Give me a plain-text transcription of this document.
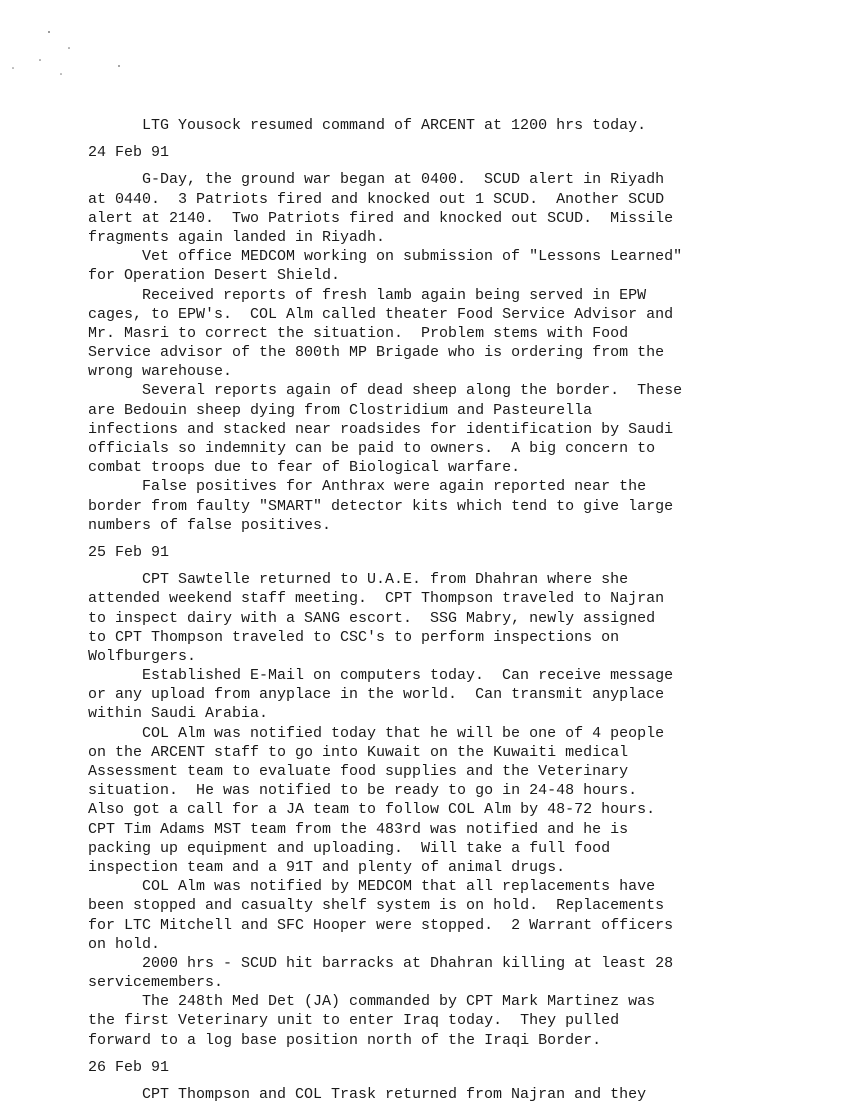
LTG Yousock resumed command of ARCENT at 1200 hrs today.
24 Feb 91
G-Day, the ground war began at 0400.  SCUD alert in Riyadh
at 0440.  3 Patriots fired and knocked out 1 SCUD.  Another SCUD
alert at 2140.  Two Patriots fired and knocked out SCUD.  Missile
fragments again landed in Riyadh.
Vet office MEDCOM working on submission of "Lessons Learned"
for Operation Desert Shield.
Received reports of fresh lamb again being served in EPW
cages, to EPW's.  COL Alm called theater Food Service Advisor and
Mr. Masri to correct the situation.  Problem stems with Food
Service advisor of the 800th MP Brigade who is ordering from the
wrong warehouse.
Several reports again of dead sheep along the border.  These
are Bedouin sheep dying from Clostridium and Pasteurella
infections and stacked near roadsides for identification by Saudi
officials so indemnity can be paid to owners.  A big concern to
combat troops due to fear of Biological warfare.
False positives for Anthrax were again reported near the
border from faulty "SMART" detector kits which tend to give large
numbers of false positives.
25 Feb 91
CPT Sawtelle returned to U.A.E. from Dhahran where she
attended weekend staff meeting.  CPT Thompson traveled to Najran
to inspect dairy with a SANG escort.  SSG Mabry, newly assigned
to CPT Thompson traveled to CSC's to perform inspections on
Wolfburgers.
Established E-Mail on computers today.  Can receive message
or any upload from anyplace in the world.  Can transmit anyplace
within Saudi Arabia.
COL Alm was notified today that he will be one of 4 people
on the ARCENT staff to go into Kuwait on the Kuwaiti medical
Assessment team to evaluate food supplies and the Veterinary
situation.  He was notified to be ready to go in 24-48 hours.
Also got a call for a JA team to follow COL Alm by 48-72 hours.
CPT Tim Adams MST team from the 483rd was notified and he is
packing up equipment and uploading.  Will take a full food
inspection team and a 91T and plenty of animal drugs.
COL Alm was notified by MEDCOM that all replacements have
been stopped and casualty shelf system is on hold.  Replacements
for LTC Mitchell and SFC Hooper were stopped.  2 Warrant officers
on hold.
2000 hrs - SCUD hit barracks at Dhahran killing at least 28
servicemembers.
The 248th Med Det (JA) commanded by CPT Mark Martinez was
the first Veterinary unit to enter Iraq today.  They pulled
forward to a log base position north of the Iraqi Border.
26 Feb 91
CPT Thompson and COL Trask returned from Najran and they
